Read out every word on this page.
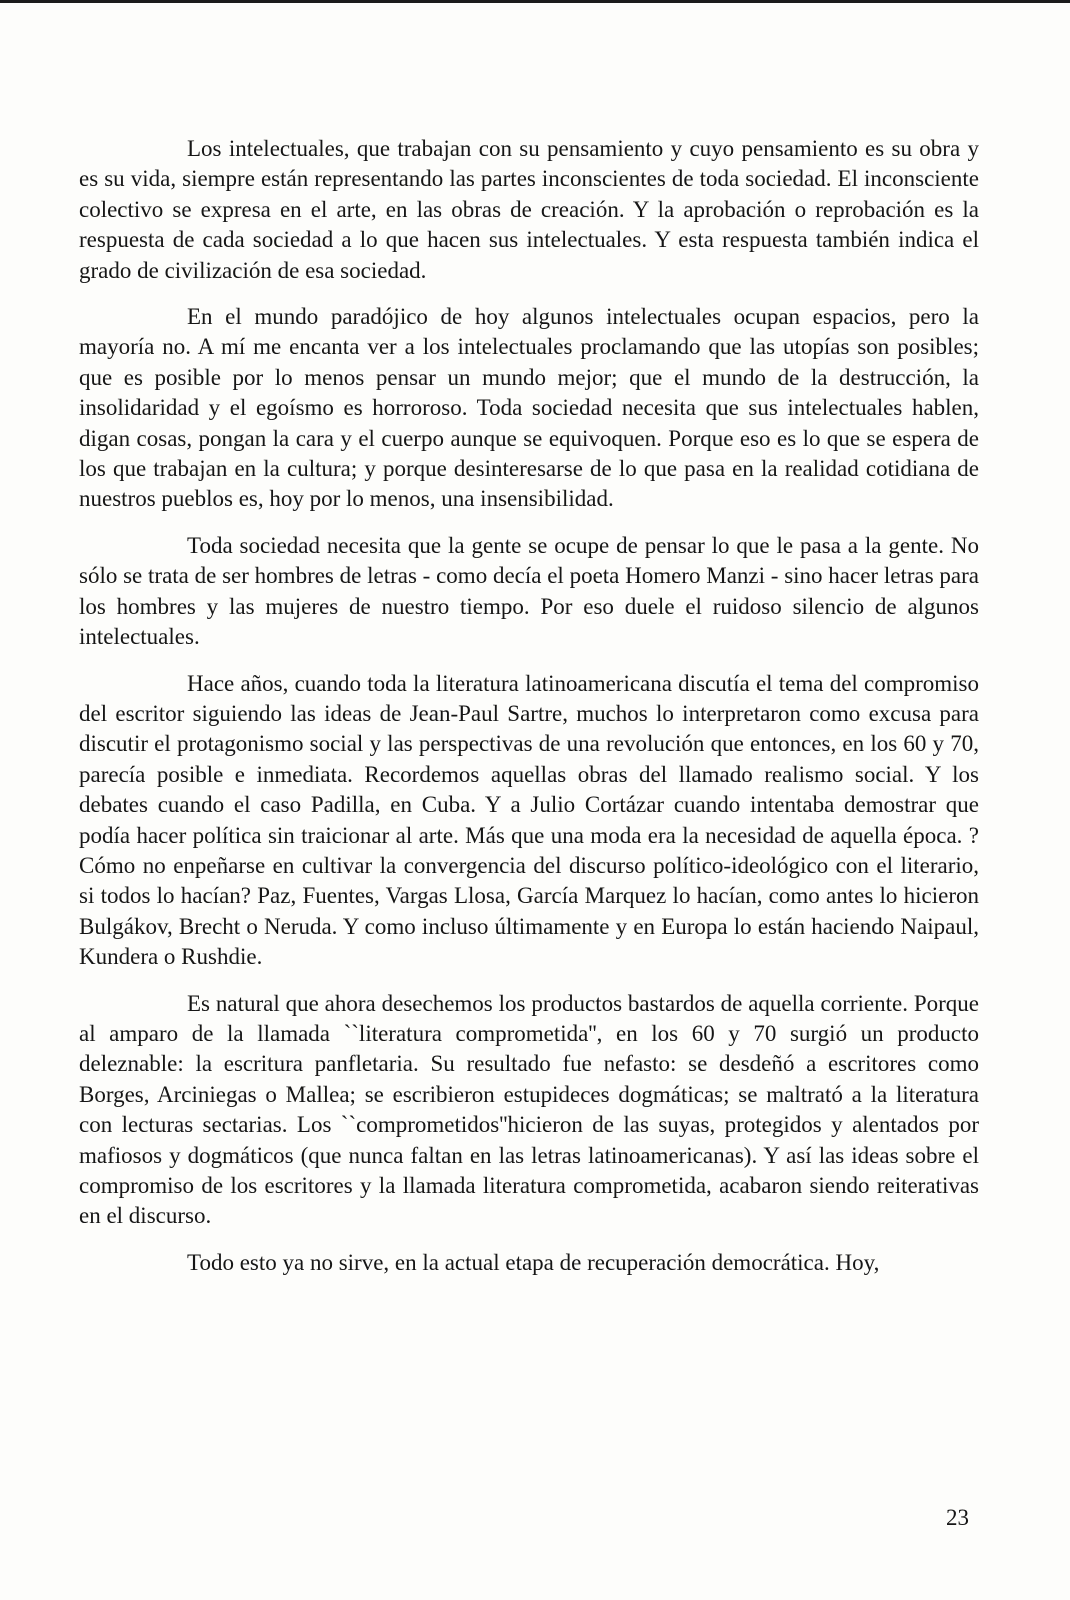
Los intelectuales, que trabajan con su pensamiento y cuyo pensamiento es su obra y es su vida, siempre están representando las partes inconscientes de toda sociedad. El inconsciente colectivo se expresa en el arte, en las obras de creación. Y la aprobación o reprobación es la respuesta de cada sociedad a lo que hacen sus intelectuales. Y esta respuesta también indica el grado de civilización de esa sociedad.

En el mundo paradójico de hoy algunos intelectuales ocupan espacios, pero la mayoría no. A mí me encanta ver a los intelectuales proclamando que las utopías son posibles; que es posible por lo menos pensar un mundo mejor; que el mundo de la destrucción, la insolidaridad y el egoísmo es horroroso. Toda sociedad necesita que sus intelectuales hablen, digan cosas, pongan la cara y el cuerpo aunque se equivoquen. Porque eso es lo que se espera de los que trabajan en la cultura; y porque desinteresarse de lo que pasa en la realidad cotidiana de nuestros pueblos es, hoy por lo menos, una insensibilidad.

Toda sociedad necesita que la gente se ocupe de pensar lo que le pasa a la gente. No sólo se trata de ser hombres de letras - como decía el poeta Homero Manzi - sino hacer letras para los hombres y las mujeres de nuestro tiempo. Por eso duele el ruidoso silencio de algunos intelectuales.

Hace años, cuando toda la literatura latinoamericana discutía el tema del compromiso del escritor siguiendo las ideas de Jean-Paul Sartre, muchos lo interpretaron como excusa para discutir el protagonismo social y las perspectivas de una revolución que entonces, en los 60 y 70, parecía posible e inmediata. Recordemos aquellas obras del llamado realismo social. Y los debates cuando el caso Padilla, en Cuba. Y a Julio Cortázar cuando intentaba demostrar que podía hacer política sin traicionar al arte. Más que una moda era la necesidad de aquella época. ?Cómo no enpeñarse en cultivar la convergencia del discurso político-ideológico con el literario, si todos lo hacían? Paz, Fuentes, Vargas Llosa, García Marquez lo hacían, como antes lo hicieron Bulgákov, Brecht o Neruda. Y como incluso últimamente y en Europa lo están haciendo Naipaul, Kundera o Rushdie.

Es natural que ahora desechemos los productos bastardos de aquella corriente. Porque al amparo de la llamada ``literatura comprometida'', en los 60 y 70 surgió un producto deleznable: la escritura panfletaria. Su resultado fue nefasto: se desdeñó a escritores como Borges, Arciniegas o Mallea; se escribieron estupideces dogmáticas; se maltrató a la literatura con lecturas sectarias. Los ``comprometidos''hicieron de las suyas, protegidos y alentados por mafiosos y dogmáticos (que nunca faltan en las letras latinoamericanas). Y así las ideas sobre el compromiso de los escritores y la llamada literatura comprometida, acabaron siendo reiterativas en el discurso.

Todo esto ya no sirve, en la actual etapa de recuperación democrática. Hoy,

23
